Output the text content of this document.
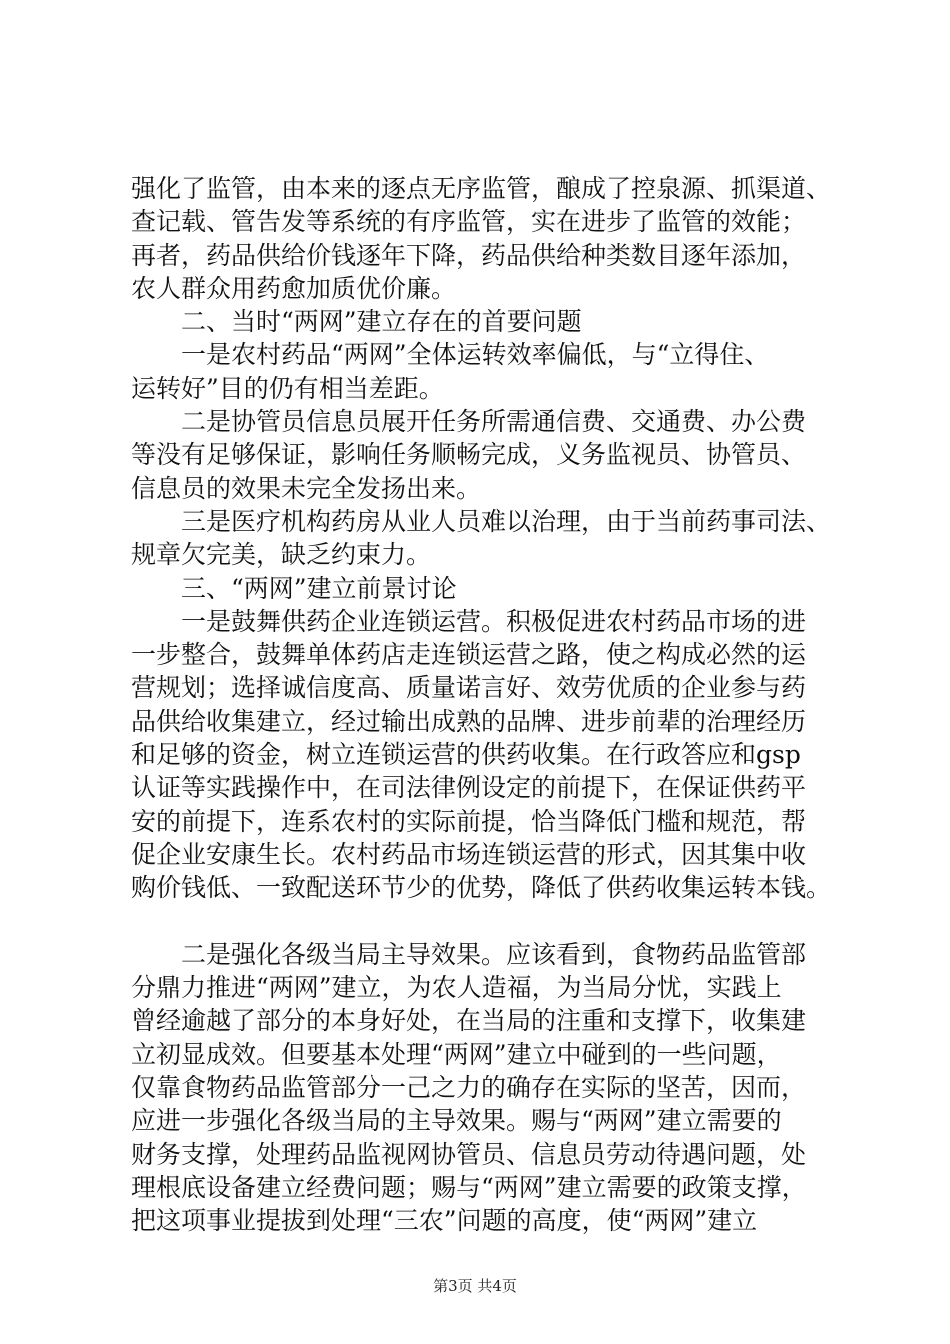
强化了监管，由本来的逐点无序监管，酿成了控泉源、抓渠道、
查记载、管告发等系统的有序监管，实在进步了监管的效能；
再者，药品供给价钱逐年下降，药品供给种类数目逐年添加，
农人群众用药愈加质优价廉。
　　二、当时“两网”建立存在的首要问题
　　一是农村药品“两网”全体运转效率偏低，与“立得住、
运转好”目的仍有相当差距。
　　二是协管员信息员展开任务所需通信费、交通费、办公费
等没有足够保证，影响任务顺畅完成，义务监视员、协管员、
信息员的效果未完全发扬出来。
　　三是医疗机构药房从业人员难以治理，由于当前药事司法、
规章欠完美，缺乏约束力。
　　三、“两网”建立前景讨论
　　一是鼓舞供药企业连锁运营。积极促进农村药品市场的进
一步整合，鼓舞单体药店走连锁运营之路，使之构成必然的运
营规划；选择诚信度高、质量诺言好、效劳优质的企业参与药
品供给收集建立，经过输出成熟的品牌、进步前辈的治理经历
和足够的资金，树立连锁运营的供药收集。在行政答应和gsp
认证等实践操作中，在司法律例设定的前提下，在保证供药平
安的前提下，连系农村的实际前提，恰当降低门槛和规范，帮
促企业安康生长。农村药品市场连锁运营的形式，因其集中收
购价钱低、一致配送环节少的优势，降低了供药收集运转本钱。
　　二是强化各级当局主导效果。应该看到，食物药品监管部
分鼎力推进“两网”建立，为农人造福，为当局分忧，实践上
曾经逾越了部分的本身好处，在当局的注重和支撑下，收集建
立初显成效。但要基本处理“两网”建立中碰到的一些问题，
仅靠食物药品监管部分一己之力的确存在实际的坚苦，因而，
应进一步强化各级当局的主导效果。赐与“两网”建立需要的
财务支撑，处理药品监视网协管员、信息员劳动待遇问题，处
理根底设备建立经费问题；赐与“两网”建立需要的政策支撑，
把这项事业提拔到处理“三农”问题的高度，使“两网”建立
第3页 共4页
